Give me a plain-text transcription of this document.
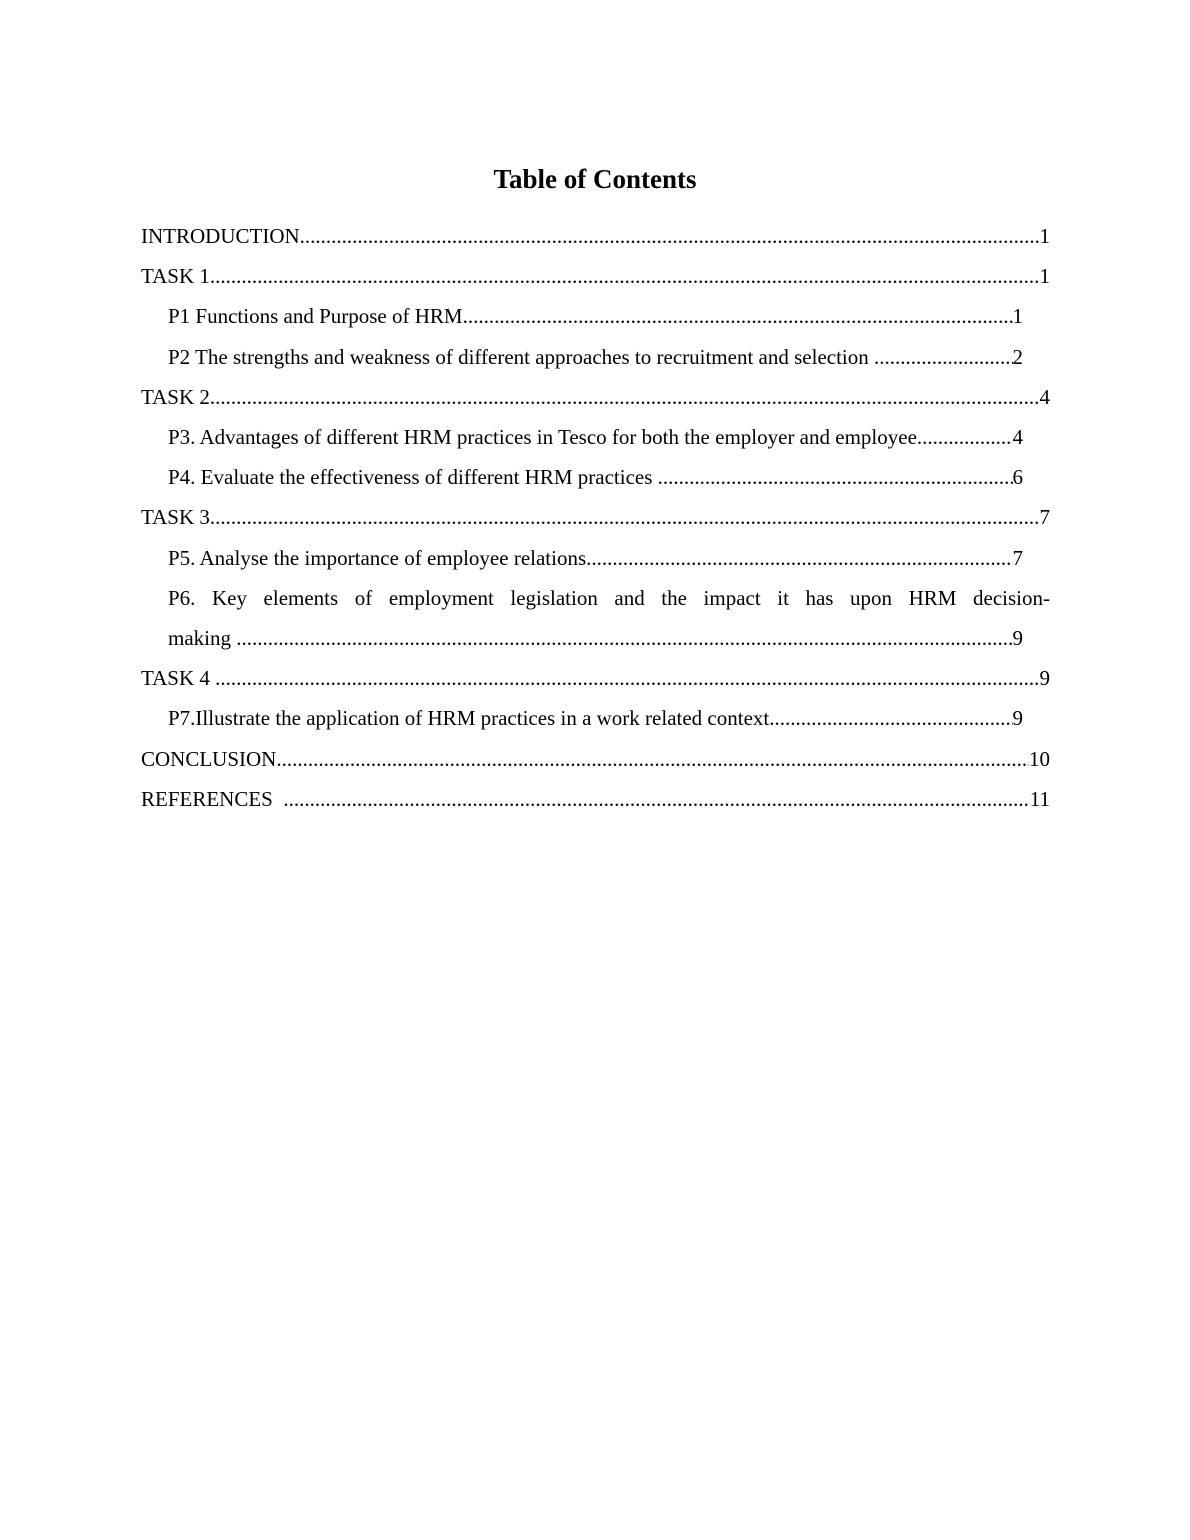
Table of Contents
INTRODUCTION .....	1
TASK 1 .....	1
P1 Functions and Purpose of HRM .....	1
P2 The strengths and weakness of different approaches to recruitment and selection .....	2
TASK 2 .....	4
P3. Advantages of different HRM practices in Tesco for both the employer and employee. .....	4
P4. Evaluate the effectiveness of different HRM practices .....	6
TASK 3 .....	7
P5. Analyse the importance of employee relations .....	7
P6. Key elements of employment legislation and the impact it has upon HRM decision-
making .....	9
TASK 4 .....	9
P7.Illustrate the application of HRM practices in a work related context .....	9
CONCLUSION .....	10
REFERENCES .....	11
